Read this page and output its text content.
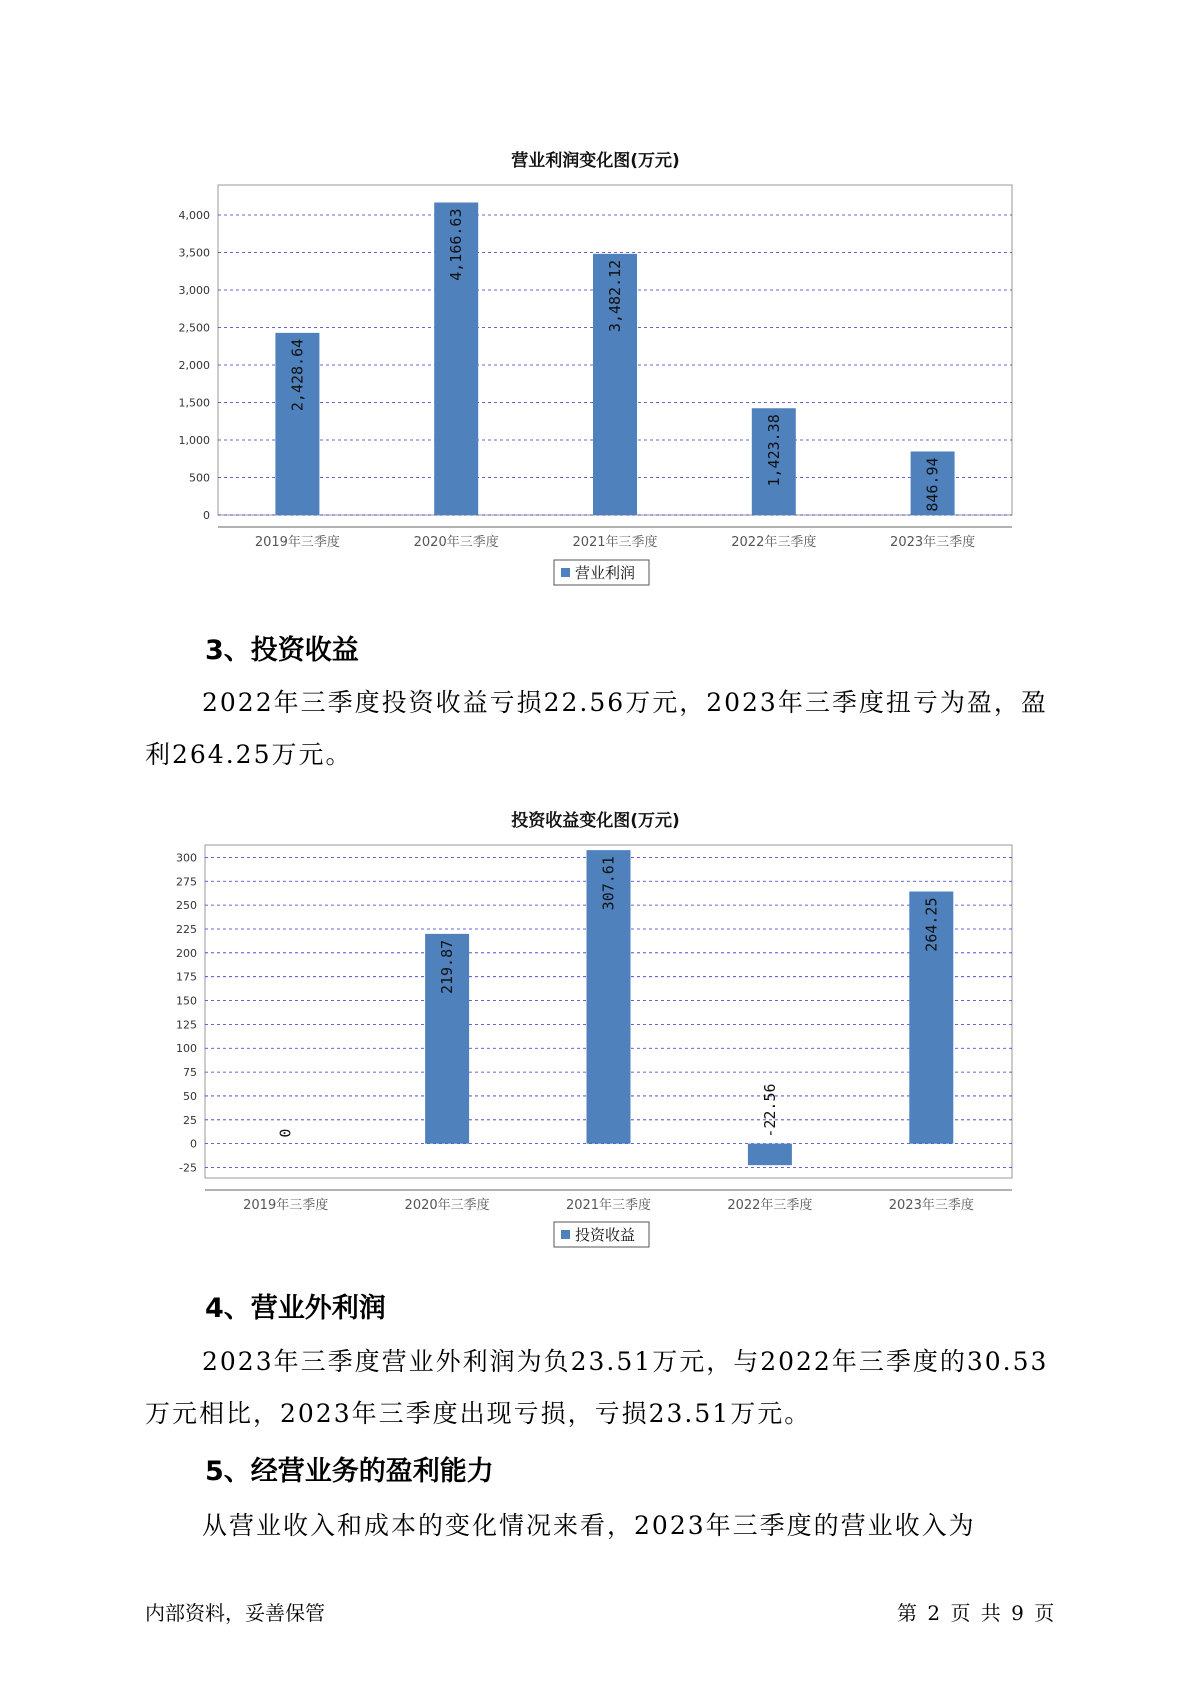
营业利润变化图(万元)
0
500
1,000
1,500
2,000
2,500
3,000
3,500
4,000
2,428.64
2019年三季度
4,166.63
2020年三季度
3,482.12
2021年三季度
1,423.38
2022年三季度
846.94
2023年三季度
营业利润
3、投资收益

2022年三季度投资收益亏损22.56万元，2023年三季度扭亏为盈，盈利264.25万元。

投资收益变化图(万元)
-25
0
25
50
75
100
125
150
175
200
225
250
275
300
0
2019年三季度
219.87
2020年三季度
307.61
2021年三季度
-22.56
2022年三季度
264.25
2023年三季度
投资收益
4、营业外利润

2023年三季度营业外利润为负23.51万元，与2022年三季度的30.53万元相比，2023年三季度出现亏损，亏损23.51万元。

5、经营业务的盈利能力

从营业收入和成本的变化情况来看，2023年三季度的营业收入为

内部资料，妥善保管	第 2 页 共 9 页
